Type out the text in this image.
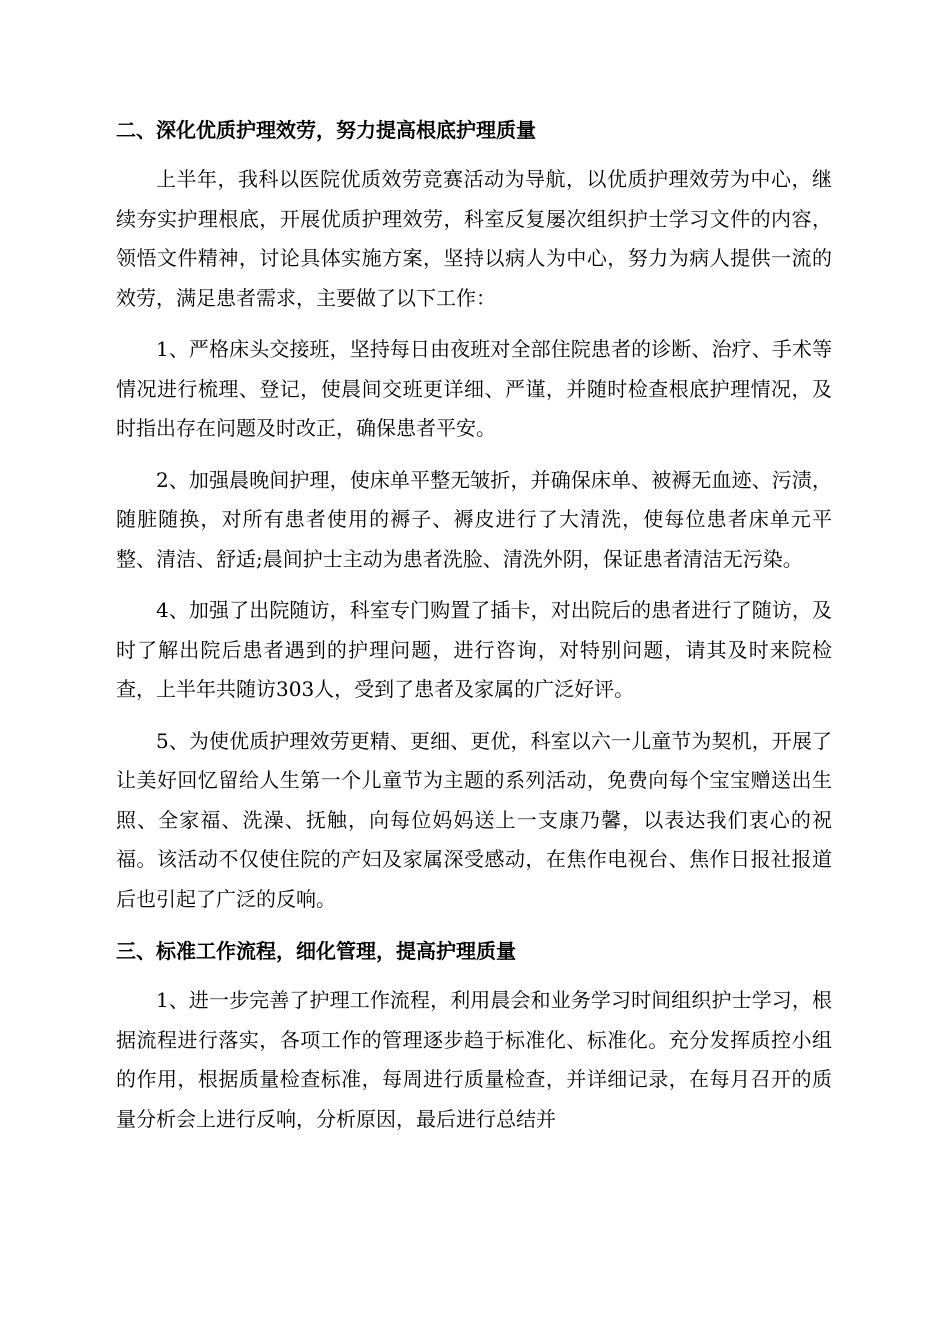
二、深化优质护理效劳，努力提高根底护理质量

上半年，我科以医院优质效劳竞赛活动为导航，以优质护理效劳为中心，继续夯实护理根底，开展优质护理效劳，科室反复屡次组织护士学习文件的内容，领悟文件精神，讨论具体实施方案，坚持以病人为中心，努力为病人提供一流的效劳，满足患者需求，主要做了以下工作：

1、严格床头交接班，坚持每日由夜班对全部住院患者的诊断、治疗、手术等情况进行梳理、登记，使晨间交班更详细、严谨，并随时检查根底护理情况，及时指出存在问题及时改正，确保患者平安。

2、加强晨晚间护理，使床单平整无皱折，并确保床单、被褥无血迹、污渍，随脏随换，对所有患者使用的褥子、褥皮进行了大清洗，使每位患者床单元平整、清洁、舒适;晨间护士主动为患者洗脸、清洗外阴，保证患者清洁无污染。

4、加强了出院随访，科室专门购置了插卡，对出院后的患者进行了随访，及时了解出院后患者遇到的护理问题，进行咨询，对特别问题，请其及时来院检查，上半年共随访303人，受到了患者及家属的广泛好评。

5、为使优质护理效劳更精、更细、更优，科室以六一儿童节为契机，开展了让美好回忆留给人生第一个儿童节为主题的系列活动，免费向每个宝宝赠送出生照、全家福、洗澡、抚触，向每位妈妈送上一支康乃馨，以表达我们衷心的祝福。该活动不仅使住院的产妇及家属深受感动，在焦作电视台、焦作日报社报道后也引起了广泛的反响。

三、标准工作流程，细化管理，提高护理质量

1、进一步完善了护理工作流程，利用晨会和业务学习时间组织护士学习，根据流程进行落实，各项工作的管理逐步趋于标准化、标准化。充分发挥质控小组的作用，根据质量检查标准，每周进行质量检查，并详细记录，在每月召开的质量分析会上进行反响，分析原因，最后进行总结并
